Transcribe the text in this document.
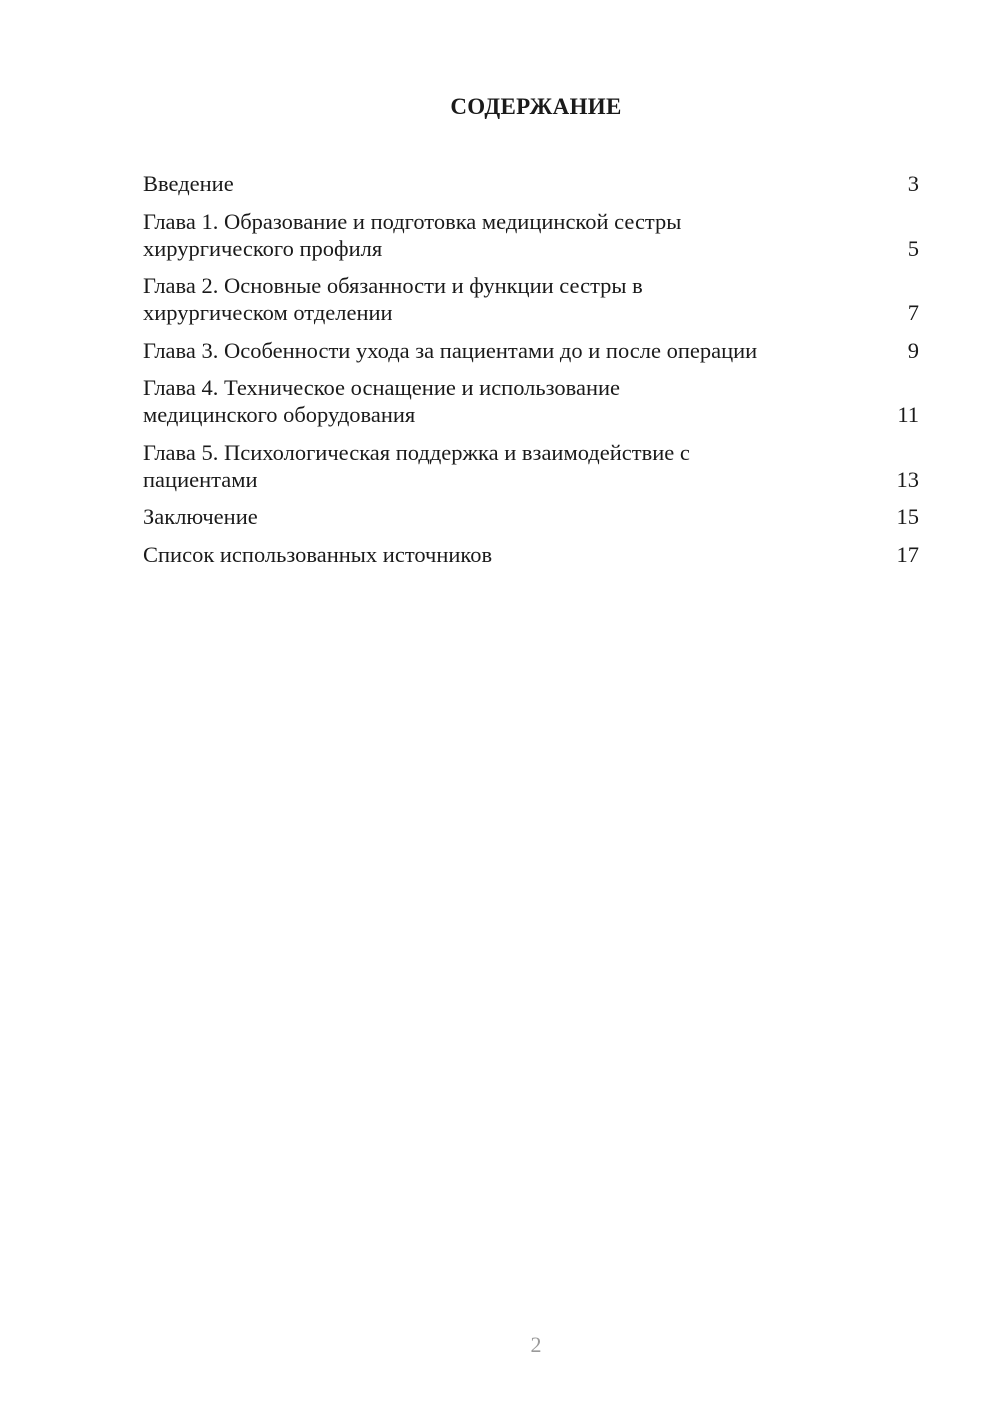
СОДЕРЖАНИЕ
Введение	3
Глава 1. Образование и подготовка медицинской сестры
хирургического профиля	5
Глава 2. Основные обязанности и функции сестры в
хирургическом отделении	7
Глава 3. Особенности ухода за пациентами до и после операции	9
Глава 4. Техническое оснащение и использование
медицинского оборудования	11
Глава 5. Психологическая поддержка и взаимодействие с
пациентами	13
Заключение	15
Список использованных источников	17
2
